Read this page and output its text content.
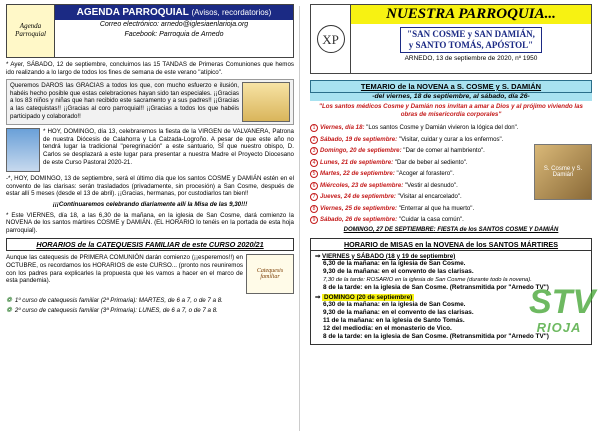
Agenda Parroquial
AGENDA PARROQUIAL (Avisos, recordatorios)
Correo electrónico: arnedo@iglesiaenlarioja.org
Facebook: Parroquia de Arnedo
* Ayer, SÁBADO, 12 de septiembre, concluimos las 15 TANDAS de Primeras Comuniones que hemos ido realizando a lo largo de todos los fines de semana de este verano "atípico".
Queremos DAROS las GRACIAS a todos los que, con mucho esfuerzo e ilusión, habéis hecho posible que estas celebraciones hayan sido tan especiales. ¡¡Gracias a los 83 niños y niñas que han recibido este sacramento y a sus padres!! ¡¡Gracias a las catequistas!! ¡¡Gracias al coro parroquial!! ¡¡Gracias a todos los que habéis participado y colaborado!!
* HOY, DOMINGO, día 13, celebraremos la fiesta de la VIRGEN de VALVANERA, Patrona de nuestra Diócesis de Calahorra y La Calzada-Logroño. A pesar de que este año no tendrá lugar la tradicional "peregrinación" a este santuario, SÍ que nuestro obispo, D. Carlos se desplazará a este lugar para presentar a nuestra Madre el Proyecto Diocesano de este Curso Pastoral 2020-21.
-*, HOY, DOMINGO, 13 de septiembre, será el último día que los santos COSME y DAMIÁN estén en el convento de las clarisas: serán trasladados (privadamente, sin procesión) a San Cosme, después de estar allí 5 meses (desde el 13 de abril). ¡¡Gracias, hermanas, por custodiarlos tan bien!!
¡¡¡Continuaremos celebrando diariamente allí la Misa de las 9,30!!!
* Este VIERNES, día 18, a las 6,30 de la mañana, en la iglesia de San Cosme, dará comienzo la NOVENA de los santos mártires COSME y DAMIÁN. (EL HORARIO lo tenéis en la portada de esta hoja parroquial).
HORARIOS de la CATEQUESIS FAMILIAR de este CURSO 2020/21
Aunque las catequesis de PRIMERA COMUNIÓN darán comienzo (¡¡esperemos!!) en OCTUBRE, os recordamos los HORARIOS de este CURSO... (pronto nos reuniremos con los padres para explicarles la propuesta que les vamos a hacer en el marco de esta pandemia).
Catequesis familiar
❁ 1º curso de catequesis familiar (2ª Primaria): MARTES, de 6 a 7, o de 7 a 8.
❁ 2º curso de catequesis familiar (3ª Primaria): LUNES, de 6 a 7, o de 7 a 8.
XP
NUESTRA PARROQUIA...
"SAN COSME y SAN DAMIÁN,
y SANTO TOMÁS, APÓSTOL"
ARNEDO, 13 de septiembre de 2020, nº 1950
TEMARIO de la NOVENA a S. COSME y S. DAMIÁN
-del viernes, 18 de septiembre, al sábado, día 26-
"Los santos médicos Cosme y Damián nos invitan a amar a Dios y al prójimo viviendo las obras de misericordia corporales"
1 Viernes, día 18: "Los santos Cosme y Damián vivieron la lógica del don".
2 Sábado, 19 de septiembre: "Visitar, cuidar y curar a los enfermos".
3 Domingo, 20 de septiembre: "Dar de comer al hambriento".
4 Lunes, 21 de septiembre: "Dar de beber al sediento".
5 Martes, 22 de septiembre: "Acoger al forastero".
6 Miércoles, 23 de septiembre: "Vestir al desnudo".
7 Jueves, 24 de septiembre: "Visitar al encarcelado".
8 Viernes, 25 de septiembre: "Enterrar al que ha muerto".
9 Sábado, 26 de septiembre: "Cuidar la casa común".
S. Cosme y S. Damián
DOMINGO, 27 DE SEPTIEMBRE: FIESTA de los SANTOS COSME Y DAMIÁN
HORARIO de MISAS en la NOVENA de los SANTOS MÁRTIRES
⇒ VIERNES y SÁBADO (18 y 19 de septiembre)
6,30 de la mañana: en la iglesia de San Cosme.
9,30 de la mañana: en el convento de las clarisas.
7,30 de la tarde: ROSARIO en la iglesia de San Cosme (durante todo la novena).
8 de la tarde: en la iglesia de San Cosme. (Retransmitida por "Arnedo TV")
⇒ DOMINGO (20 de septiembre)
6,30 de la mañana: en la iglesia de San Cosme.
9,30 de la mañana: en el convento de las clarisas.
11 de la mañana: en la iglesia de Santo Tomás.
12 del mediodía: en el monasterio de Vico.
8 de la tarde: en la iglesia de San Cosme. (Retransmitida por "Arnedo TV")
STV
RIOJA
